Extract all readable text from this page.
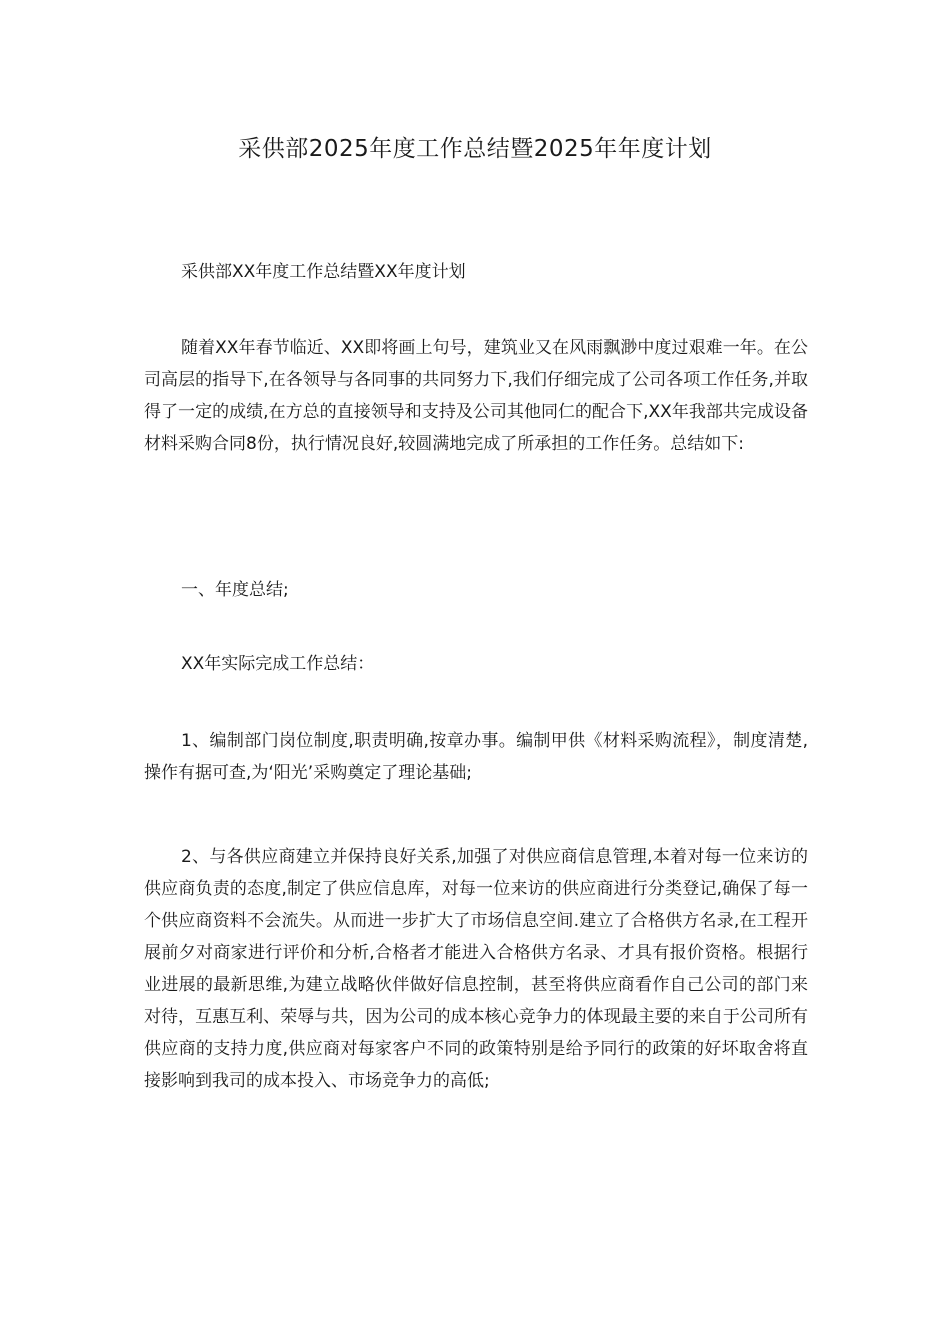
采供部2025年度工作总结暨2025年年度计划

采供部XX年度工作总结暨XX年度计划

随着XX年春节临近、XX即将画上句号，建筑业又在风雨飘渺中度过艰难一年。在公司高层的指导下,在各领导与各同事的共同努力下,我们仔细完成了公司各项工作任务,并取得了一定的成绩,在方总的直接领导和支持及公司其他同仁的配合下,XX年我部共完成设备材料采购合同8份，执行情况良好,较圆满地完成了所承担的工作任务。总结如下:

一、年度总结;

XX年实际完成工作总结：

1、编制部门岗位制度,职责明确,按章办事。编制甲供《材料采购流程》，制度清楚,操作有据可查,为‘阳光’采购奠定了理论基础;

2、与各供应商建立并保持良好关系,加强了对供应商信息管理,本着对每一位来访的供应商负责的态度,制定了供应信息库，对每一位来访的供应商进行分类登记,确保了每一个供应商资料不会流失。从而进一步扩大了市场信息空间.建立了合格供方名录,在工程开展前夕对商家进行评价和分析,合格者才能进入合格供方名录、才具有报价资格。根据行业进展的最新思维,为建立战略伙伴做好信息控制，甚至将供应商看作自己公司的部门来对待，互惠互利、荣辱与共，因为公司的成本核心竞争力的体现最主要的来自于公司所有供应商的支持力度,供应商对每家客户不同的政策特别是给予同行的政策的好坏取舍将直接影响到我司的成本投入、市场竞争力的高低;
